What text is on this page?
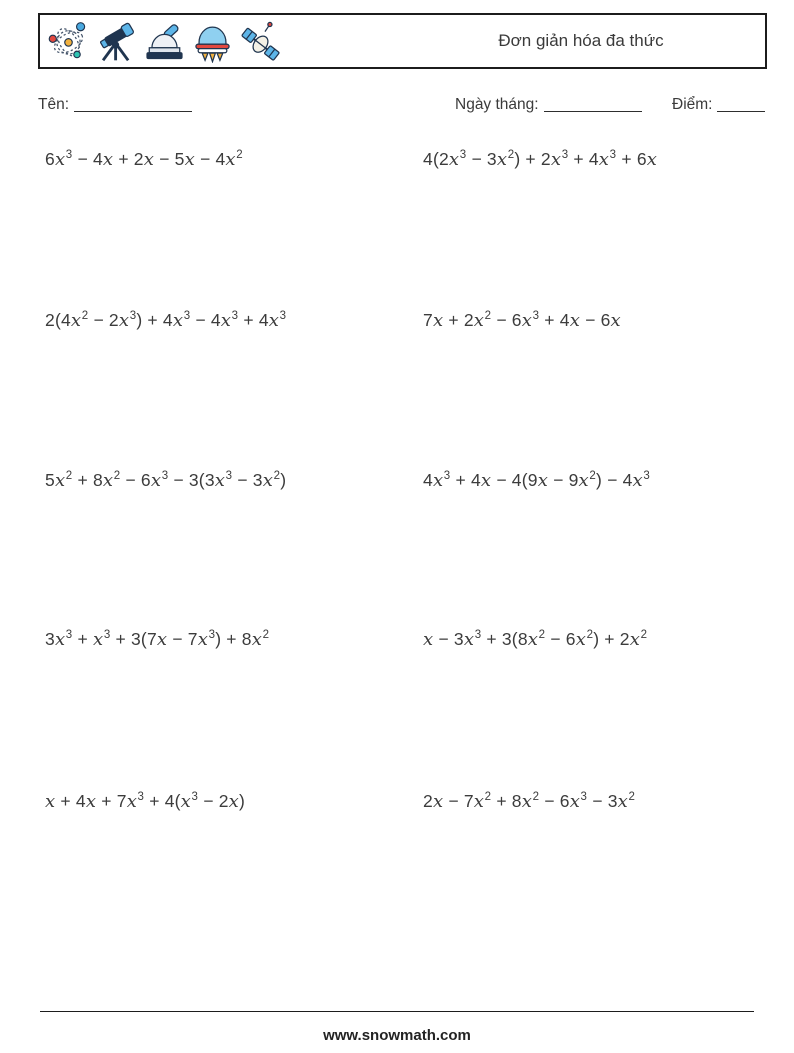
Đơn giản hóa đa thức
Tên:	Ngày tháng:	Điểm:
$6x^3 - 4x + 2x - 5x - 4x^2$	$4(2x^3 - 3x^2) + 2x^3 + 4x^3 + 6x$
$2(4x^2 - 2x^3) + 4x^3 - 4x^3 + 4x^3$	$7x + 2x^2 - 6x^3 + 4x - 6x$
$5x^2 + 8x^2 - 6x^3 - 3(3x^3 - 3x^2)$	$4x^3 + 4x - 4(9x - 9x^2) - 4x^3$
$3x^3 + x^3 + 3(7x - 7x^3) + 8x^2$	$x - 3x^3 + 3(8x^2 - 6x^2) + 2x^2$
$x + 4x + 7x^3 + 4(x^3 - 2x)$	$2x - 7x^2 + 8x^2 - 6x^3 - 3x^2$
www.snowmath.com
